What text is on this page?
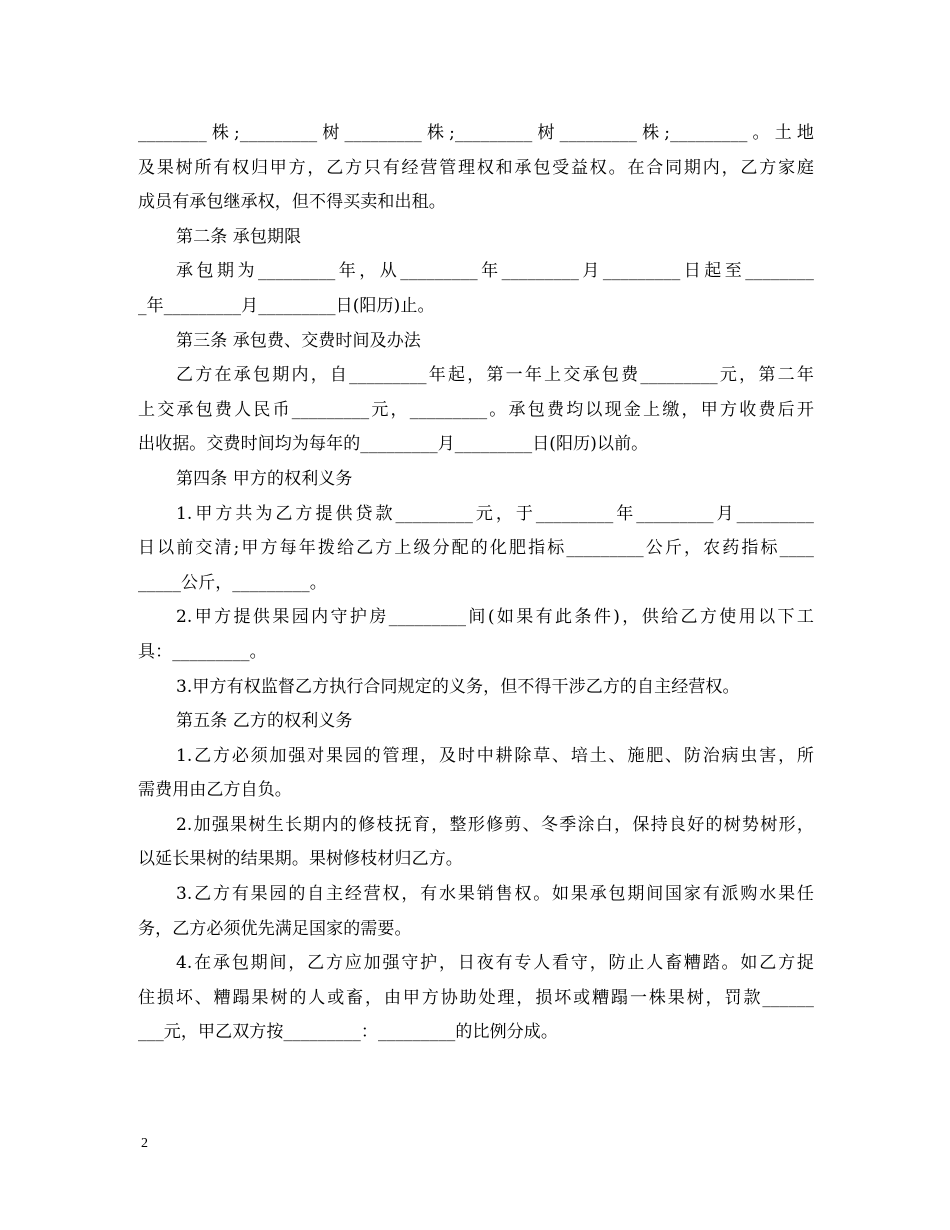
________株;_________树_________株;_________树_________株;_________。土地
及果树所有权归甲方，乙方只有经营管理权和承包受益权。在合同期内，乙方家庭
成员有承包继承权，但不得买卖和出租。
第二条 承包期限
承包期为_________年，从_________年_________月_________日起至________
_年_________月_________日(阳历)止。
第三条 承包费、交费时间及办法
乙方在承包期内，自_________年起，第一年上交承包费_________元，第二年
上交承包费人民币_________元，_________。承包费均以现金上缴，甲方收费后开
出收据。交费时间均为每年的_________月_________日(阳历)以前。
第四条 甲方的权利义务
1.甲方共为乙方提供贷款_________元，于_________年_________月_________
日以前交清;甲方每年拨给乙方上级分配的化肥指标_________公斤，农药指标____
_____公斤，_________。
2.甲方提供果园内守护房_________间(如果有此条件)，供给乙方使用以下工
具：_________。
3.甲方有权监督乙方执行合同规定的义务，但不得干涉乙方的自主经营权。
第五条 乙方的权利义务
1.乙方必须加强对果园的管理，及时中耕除草、培土、施肥、防治病虫害，所
需费用由乙方自负。
2.加强果树生长期内的修枝抚育，整形修剪、冬季涂白，保持良好的树势树形，
以延长果树的结果期。果树修枝材归乙方。
3.乙方有果园的自主经营权，有水果销售权。如果承包期间国家有派购水果任
务，乙方必须优先满足国家的需要。
4.在承包期间，乙方应加强守护，日夜有专人看守，防止人畜糟踏。如乙方捉
住损坏、糟蹋果树的人或畜，由甲方协助处理，损坏或糟蹋一株果树，罚款______
___元，甲乙双方按_________：_________的比例分成。
2
